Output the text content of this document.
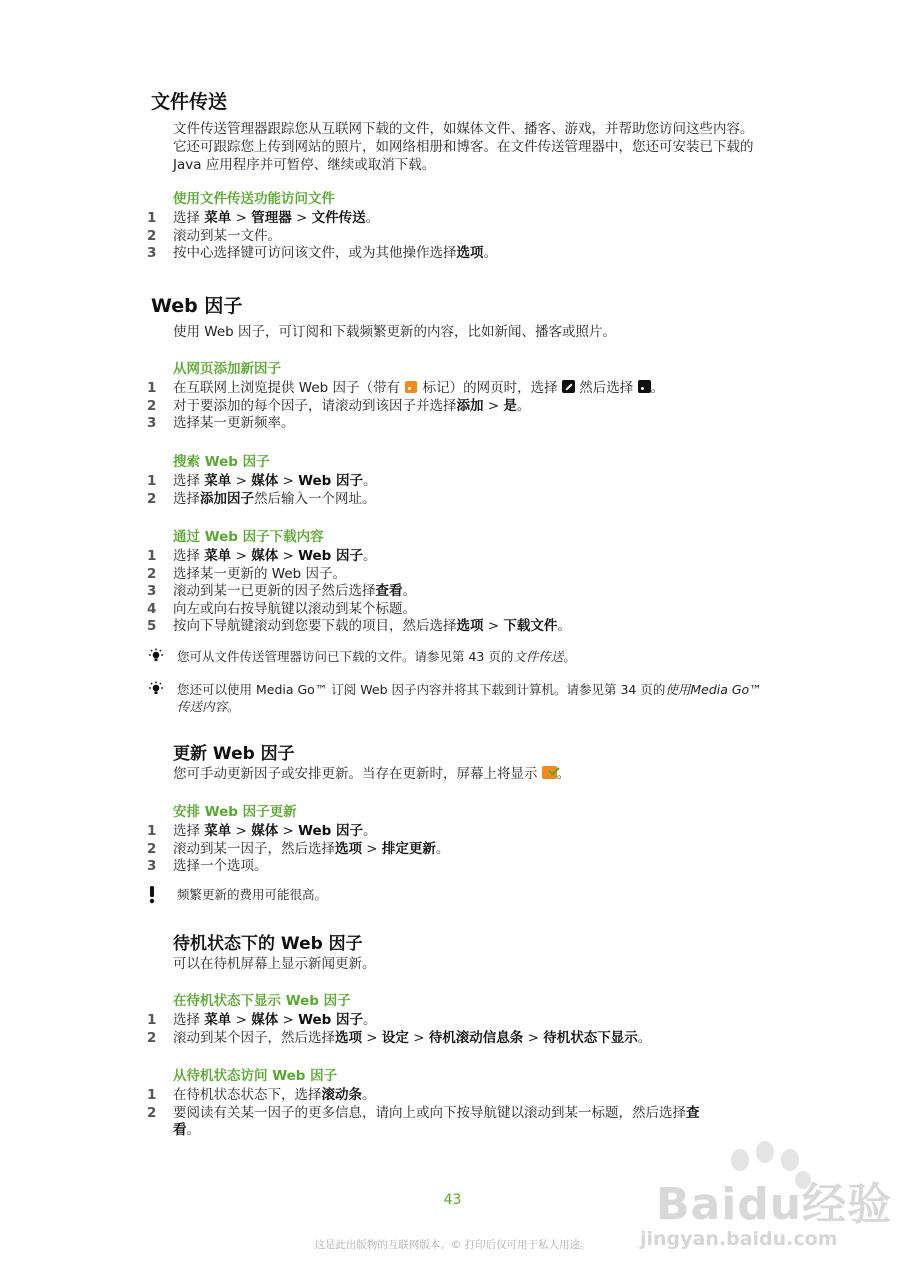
文件传送
文件传送管理器跟踪您从互联网下载的文件，如媒体文件、播客、游戏，并帮助您访问这些内容。它还可跟踪您上传到网站的照片，如网络相册和博客。在文件传送管理器中，您还可安装已下载的 Java 应用程序并可暂停、继续或取消下载。
使用文件传送功能访问文件
1	选择 菜单 > 管理器 > 文件传送。
2	滚动到某一文件。
3	按中心选择键可访问该文件，或为其他操作选择选项。
Web 因子
使用 Web 因子，可订阅和下载频繁更新的内容，比如新闻、播客或照片。
从网页添加新因子
1	在互联网上浏览提供 Web 因子（带有  标记）的网页时，选择  然后选择 。
2	对于要添加的每个因子，请滚动到该因子并选择添加 > 是。
3	选择某一更新频率。
搜索 Web 因子
1	选择 菜单 > 媒体 > Web 因子。
2	选择添加因子然后输入一个网址。
通过 Web 因子下载内容
1	选择 菜单 > 媒体 > Web 因子。
2	选择某一更新的 Web 因子。
3	滚动到某一已更新的因子然后选择查看。
4	向左或向右按导航键以滚动到某个标题。
5	按向下导航键滚动到您要下载的项目，然后选择选项 > 下载文件。
您可从文件传送管理器访问已下载的文件。请参见第 43 页的文件传送。
您还可以使用 Media Go™ 订阅 Web 因子内容并将其下载到计算机。请参见第 34 页的使用Media Go™ 传送内容。
更新 Web 因子
您可手动更新因子或安排更新。当存在更新时，屏幕上将显示 。
安排 Web 因子更新
1	选择 菜单 > 媒体 > Web 因子。
2	滚动到某一因子，然后选择选项 > 排定更新。
3	选择一个选项。
频繁更新的费用可能很高。
待机状态下的 Web 因子
可以在待机屏幕上显示新闻更新。
在待机状态下显示 Web 因子
1	选择 菜单 > 媒体 > Web 因子。
2	滚动到某个因子，然后选择选项 > 设定 > 待机滚动信息条 > 待机状态下显示。
从待机状态访问 Web 因子
1	在待机状态状态下，选择滚动条。
2	要阅读有关某一因子的更多信息，请向上或向下按导航键以滚动到某一标题，然后选择查看。
Baidu经验
jingyan.baidu.com
43
这是此出版物的互联网版本。© 打印后仅可用于私人用途。
